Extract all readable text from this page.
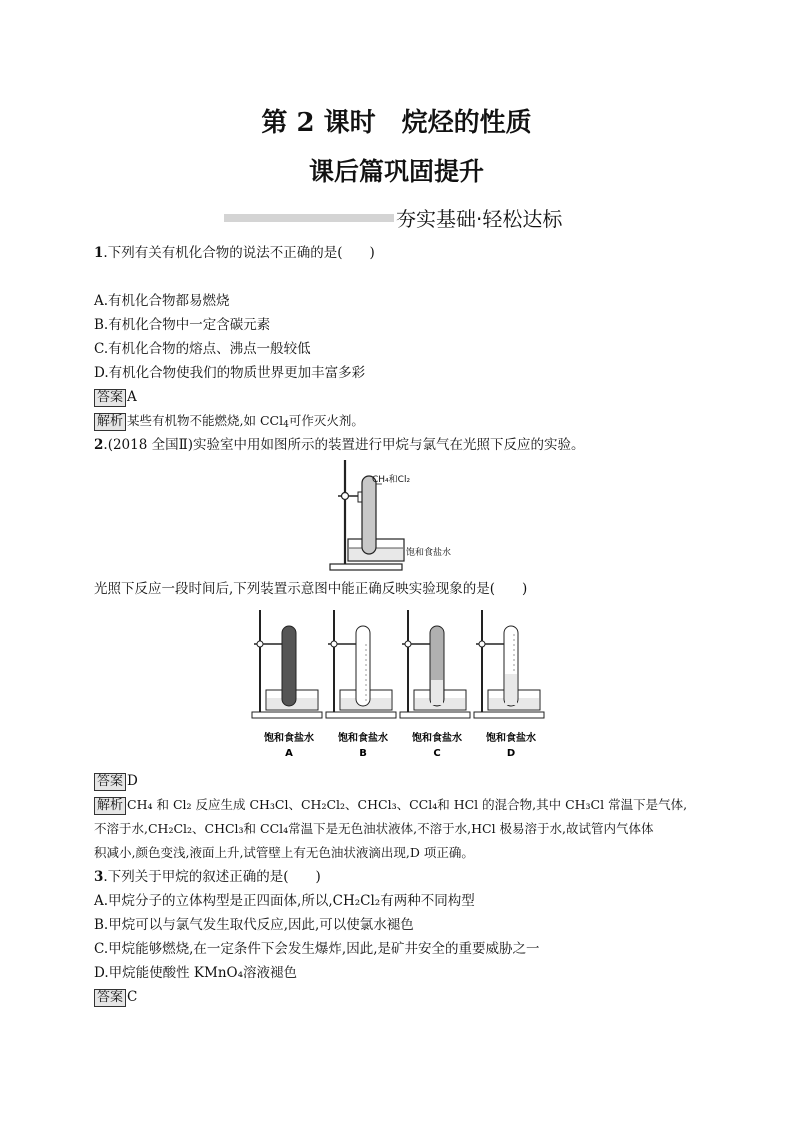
第 2 课时 烷烃的性质
课后篇巩固提升
夯实基础·轻松达标
1.下列有关有机化合物的说法不正确的是(　　)
A.有机化合物都易燃烧
B.有机化合物中一定含碳元素
C.有机化合物的熔点、沸点一般较低
D.有机化合物使我们的物质世界更加丰富多彩
答案 A
解析 某些有机物不能燃烧,如 CCl$_4$可作灭火剂。
2.(2018 全国Ⅱ)实验室中用如图所示的装置进行甲烷与氯气在光照下反应的实验。
CH₄和Cl₂
饱和食盐水
光照下反应一段时间后,下列装置示意图中能正确反映实验现象的是(　　)
饱和食盐水
A
饱和食盐水
B
饱和食盐水
C
饱和食盐水
D
答案 D
解析 CH₄ 和 Cl₂ 反应生成 CH₃Cl、CH₂Cl₂、CHCl₃、CCl₄和 HCl 的混合物,其中 CH₃Cl 常温下是气体,
不溶于水,CH₂Cl₂、CHCl₃和 CCl₄常温下是无色油状液体,不溶于水,HCl 极易溶于水,故试管内气体体
积减小,颜色变浅,液面上升,试管壁上有无色油状液滴出现,D 项正确。
3.下列关于甲烷的叙述正确的是(　　)
A.甲烷分子的立体构型是正四面体,所以,CH₂Cl₂有两种不同构型
B.甲烷可以与氯气发生取代反应,因此,可以使氯水褪色
C.甲烷能够燃烧,在一定条件下会发生爆炸,因此,是矿井安全的重要威胁之一
D.甲烷能使酸性 KMnO₄溶液褪色
答案 C
